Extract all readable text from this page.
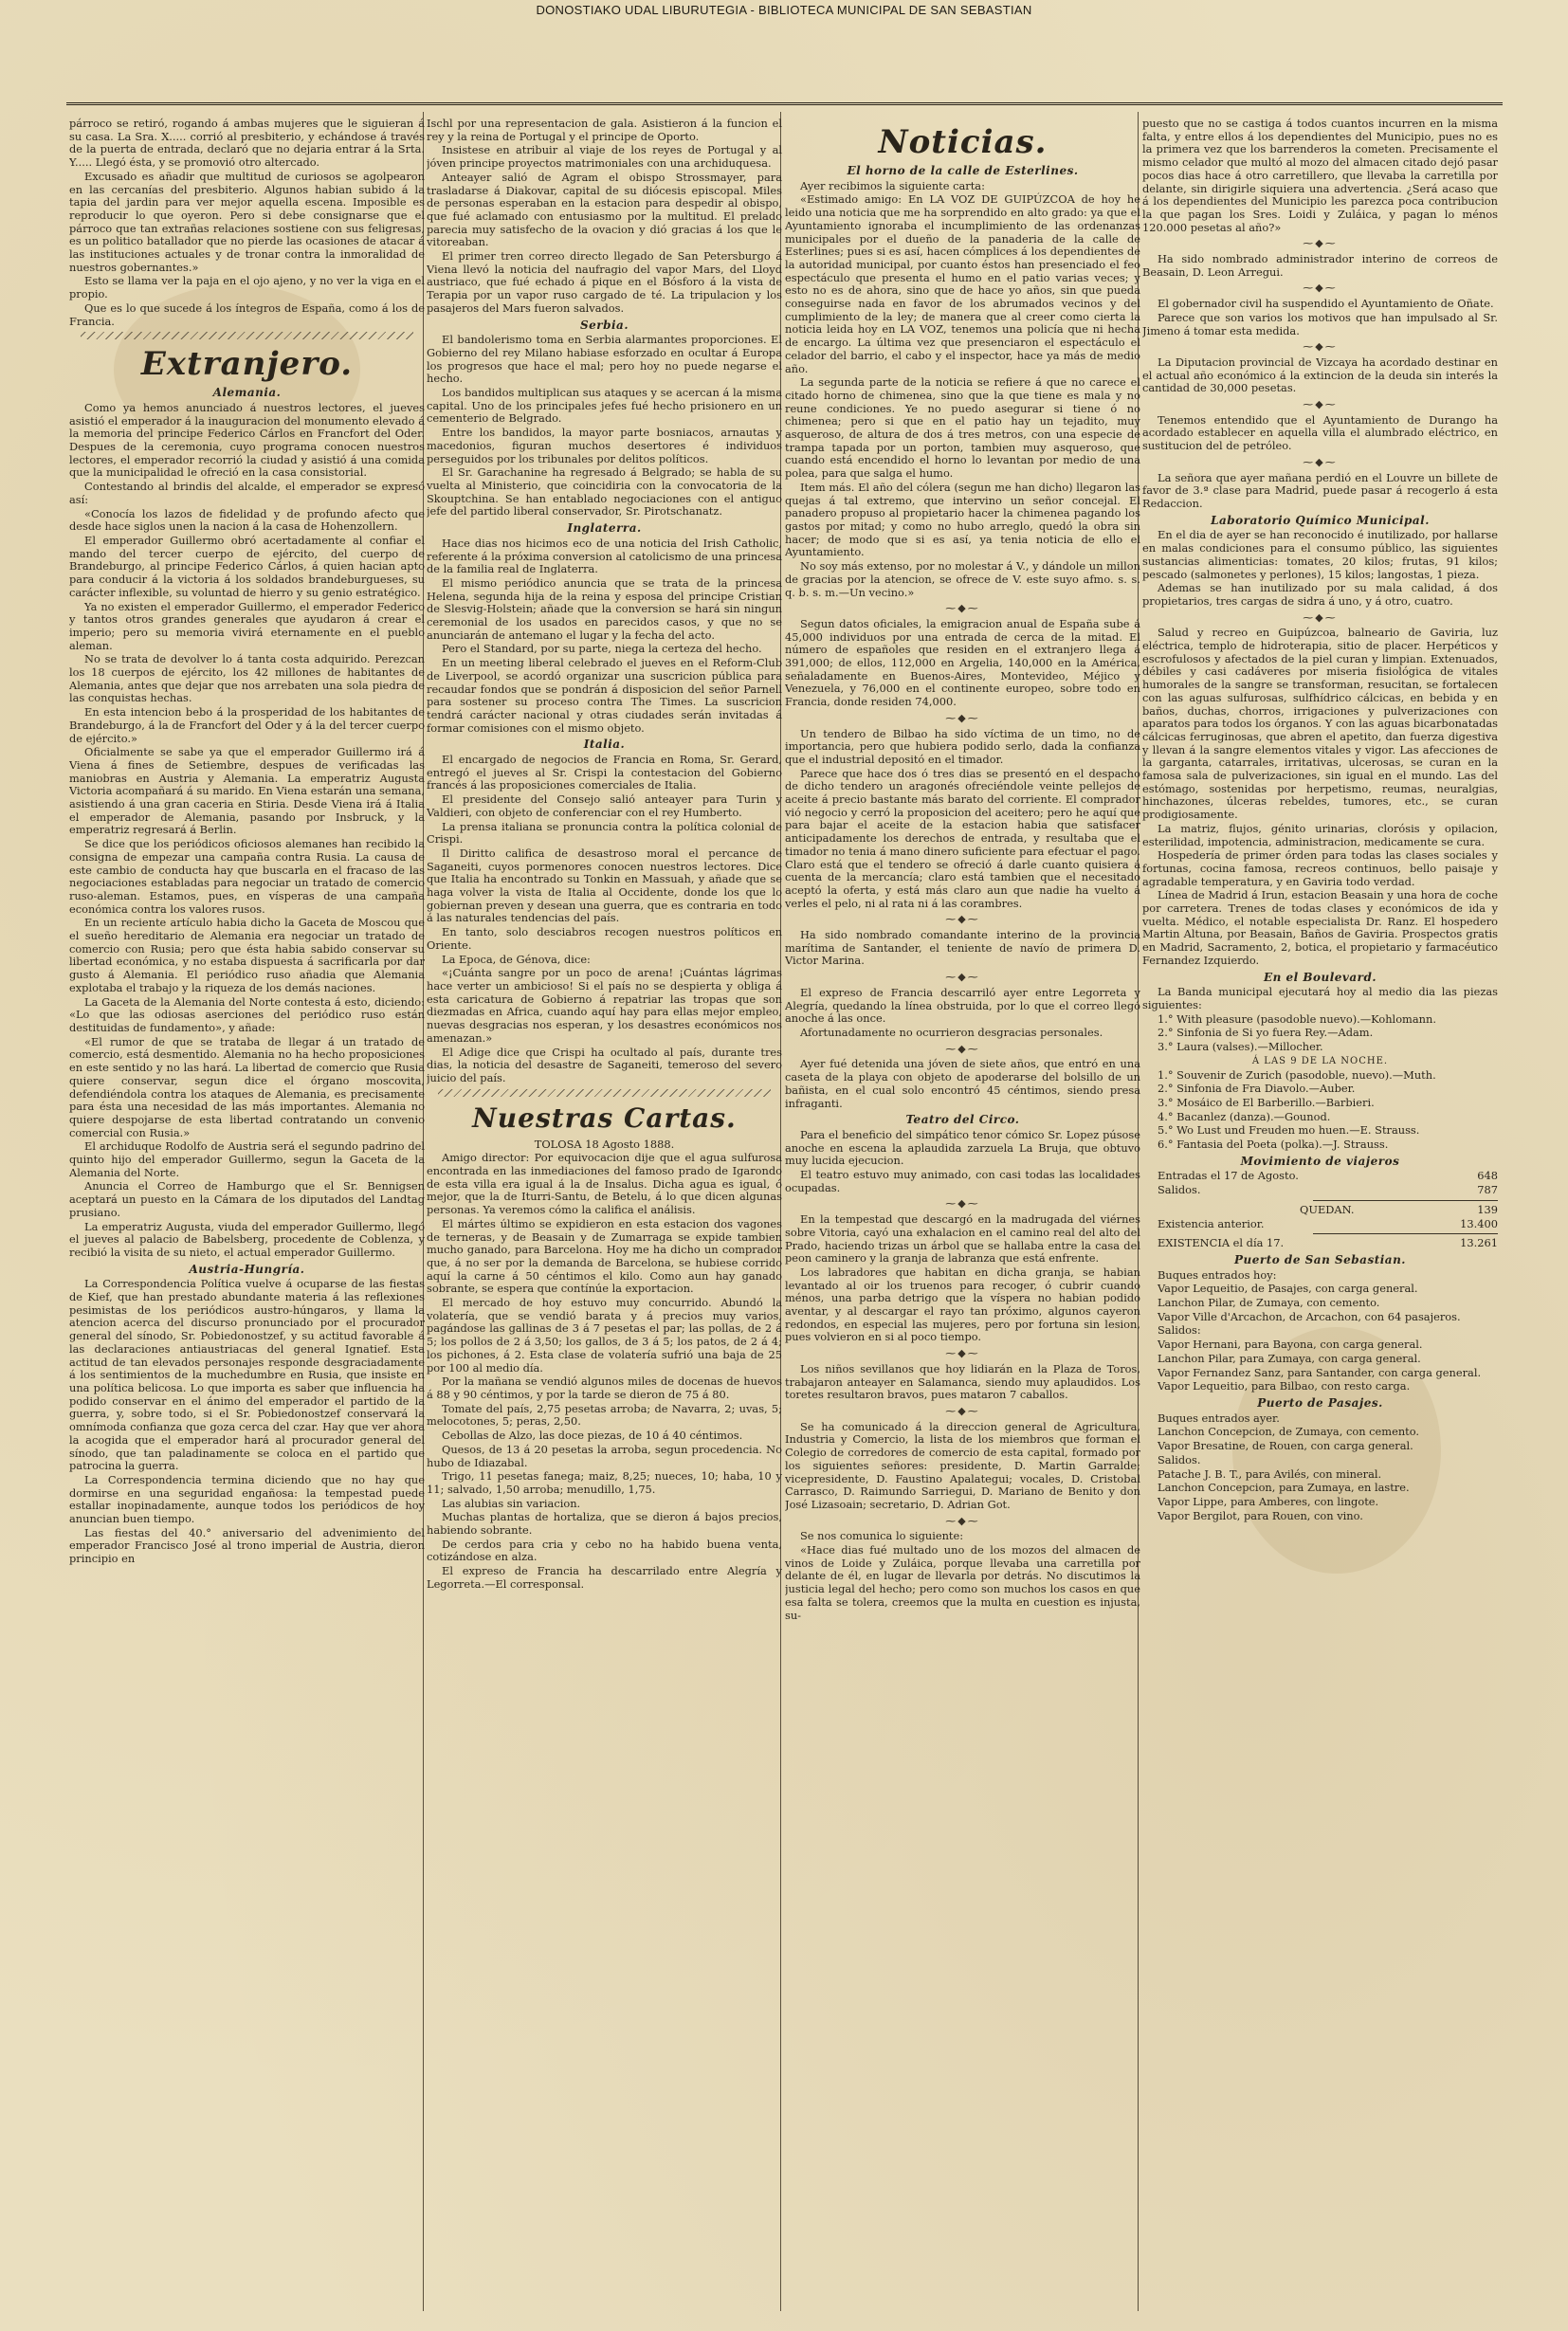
DONOSTIAKO UDAL LIBURUTEGIA - BIBLIOTECA MUNICIPAL DE SAN SEBASTIAN

párroco se retiró, rogando á ambas mujeres que le siguieran á su casa. La Sra. X..... corrió al presbiterio, y echándose á través de la puerta de entrada, declaró que no dejaria entrar á la Srta. Y..... Llegó ésta, y se promovió otro altercado.

Excusado es añadir que multitud de curiosos se agolpearon en las cercanías del presbiterio. Algunos habian subido á la tapia del jardin para ver mejor aquella escena. Imposible es reproducir lo que oyeron. Pero si debe consignarse que el párroco que tan extrañas relaciones sostiene con sus feligresas, es un politico batallador que no pierde las ocasiones de atacar á las instituciones actuales y de tronar contra la inmoralidad de nuestros gobernantes.»

Esto se llama ver la paja en el ojo ajeno, y no ver la viga en el propio.

Que es lo que sucede á los íntegros de España, como á los de Francia.

Extranjero.
Alemania.

Como ya hemos anunciado á nuestros lectores, el jueves asistió el emperador á la inauguracion del monumento elevado á la memoria del principe Federico Cárlos en Francfort del Oder. Despues de la ceremonia, cuyo programa conocen nuestros lectores, el emperador recorrió la ciudad y asistió á una comida que la municipalidad le ofreció en la casa consistorial.

Contestando al brindis del alcalde, el emperador se expresó así:

«Conocía los lazos de fidelidad y de profundo afecto que desde hace siglos unen la nacion á la casa de Hohenzollern.

El emperador Guillermo obró acertadamente al confiar el mando del tercer cuerpo de ejército, del cuerpo de Brandeburgo, al principe Federico Cárlos, á quien hacian apto para conducir á la victoria á los soldados brandeburgueses, su carácter inflexible, su voluntad de hierro y su genio estratégico.

Ya no existen el emperador Guillermo, el emperador Federico y tantos otros grandes generales que ayudaron á crear el imperio; pero su memoria vivirá eternamente en el pueblo aleman.

No se trata de devolver lo á tanta costa adquirido. Perezcan los 18 cuerpos de ejército, los 42 millones de habitantes de Alemania, antes que dejar que nos arrebaten una sola piedra de las conquistas hechas.

En esta intencion bebo á la prosperidad de los habitantes de Brandeburgo, á la de Francfort del Oder y á la del tercer cuerpo de ejército.»

Oficialmente se sabe ya que el emperador Guillermo irá á Viena á fines de Setiembre, despues de verificadas las maniobras en Austria y Alemania. La emperatriz Augusta Victoria acompañará á su marido. En Viena estarán una semana, asistiendo á una gran caceria en Stiria. Desde Viena irá á Italia el emperador de Alemania, pasando por Insbruck, y la emperatriz regresará á Berlin.

Se dice que los periódicos oficiosos alemanes han recibido la consigna de empezar una campaña contra Rusia. La causa de este cambio de conducta hay que buscarla en el fracaso de las negociaciones establadas para negociar un tratado de comercio ruso-aleman. Estamos, pues, en vísperas de una campaña económica contra los valores rusos.

En un reciente artículo habia dicho la Gaceta de Moscou que el sueño hereditario de Alemania era negociar un tratado de comercio con Rusia; pero que ésta habia sabido conservar su libertad económica, y no estaba dispuesta á sacrificarla por dar gusto á Alemania. El periódico ruso añadia que Alemania explotaba el trabajo y la riqueza de los demás naciones.

La Gaceta de la Alemania del Norte contesta á esto, diciendo: «Lo que las odiosas aserciones del periódico ruso están destituidas de fundamento», y añade:

«El rumor de que se trataba de llegar á un tratado de comercio, está desmentido. Alemania no ha hecho proposiciones en este sentido y no las hará. La libertad de comercio que Rusia quiere conservar, segun dice el órgano moscovita, defendiéndola contra los ataques de Alemania, es precisamente para ésta una necesidad de las más importantes. Alemania no quiere despojarse de esta libertad contratando un convenio comercial con Rusia.»

El archiduque Rodolfo de Austria será el segundo padrino del quinto hijo del emperador Guillermo, segun la Gaceta de la Alemania del Norte.

Anuncia el Correo de Hamburgo que el Sr. Bennigsen aceptará un puesto en la Cámara de los diputados del Landtag prusiano.

La emperatriz Augusta, viuda del emperador Guillermo, llegó el jueves al palacio de Babelsberg, procedente de Coblenza, y recibió la visita de su nieto, el actual emperador Guillermo.

Austria-Hungría.

La Correspondencia Política vuelve á ocuparse de las fiestas de Kief, que han prestado abundante materia á las reflexiones pesimistas de los periódicos austro-húngaros, y llama la atencion acerca del discurso pronunciado por el procurador general del sínodo, Sr. Pobiedonostzef, y su actitud favorable á las declaraciones antiaustriacas del general Ignatief. Esta actitud de tan elevados personajes responde desgraciadamente á los sentimientos de la muchedumbre en Rusia, que insiste en una política belicosa. Lo que importa es saber que influencia ha podido conservar en el ánimo del emperador el partido de la guerra, y, sobre todo, si el Sr. Pobiedonostzef conservará la omnímoda confianza que goza cerca del czar. Hay que ver ahora la acogida que el emperador hará al procurador general del sínodo, que tan paladinamente se coloca en el partido que patrocina la guerra.

La Correspondencia termina diciendo que no hay que dormirse en una seguridad engañosa: la tempestad puede estallar inopinadamente, aunque todos los periódicos de hoy anuncian buen tiempo.

Las fiestas del 40.° aniversario del advenimiento del emperador Francisco José al trono imperial de Austria, dieron principio en

Ischl por una representacion de gala. Asistieron á la funcion el rey y la reina de Portugal y el principe de Oporto.

Insistese en atribuir al viaje de los reyes de Portugal y al jóven principe proyectos matrimoniales con una archiduquesa.

Anteayer salió de Agram el obispo Strossmayer, para trasladarse á Diakovar, capital de su diócesis episcopal. Miles de personas esperaban en la estacion para despedir al obispo, que fué aclamado con entusiasmo por la multitud. El prelado parecia muy satisfecho de la ovacion y dió gracias á los que le vitoreaban.

El primer tren correo directo llegado de San Petersburgo á Viena llevó la noticia del naufragio del vapor Mars, del Lloyd austriaco, que fué echado á pique en el Bósforo á la vista de Terapia por un vapor ruso cargado de té. La tripulacion y los pasajeros del Mars fueron salvados.

Serbia.

El bandolerismo toma en Serbia alarmantes proporciones. El Gobierno del rey Milano habiase esforzado en ocultar á Europa los progresos que hace el mal; pero hoy no puede negarse el hecho.

Los bandidos multiplican sus ataques y se acercan á la misma capital. Uno de los principales jefes fué hecho prisionero en un cementerio de Belgrado.

Entre los bandidos, la mayor parte bosniacos, arnautas y macedonios, figuran muchos desertores é individuos perseguidos por los tribunales por delitos políticos.

El Sr. Garachanine ha regresado á Belgrado; se habla de su vuelta al Ministerio, que coincidiria con la convocatoria de la Skouptchina. Se han entablado negociaciones con el antiguo jefe del partido liberal conservador, Sr. Pirotschanatz.

Inglaterra.

Hace dias nos hicimos eco de una noticia del Irish Catholic, referente á la próxima conversion al catolicismo de una princesa de la familia real de Inglaterra.

El mismo periódico anuncia que se trata de la princesa Helena, segunda hija de la reina y esposa del principe Cristian de Slesvig-Holstein; añade que la conversion se hará sin ningun ceremonial de los usados en parecidos casos, y que no se anunciarán de antemano el lugar y la fecha del acto.

Pero el Standard, por su parte, niega la certeza del hecho.

En un meeting liberal celebrado el jueves en el Reform-Club de Liverpool, se acordó organizar una suscricion pública para recaudar fondos que se pondrán á disposicion del señor Parnell para sostener su proceso contra The Times. La suscricion tendrá carácter nacional y otras ciudades serán invitadas á formar comisiones con el mismo objeto.

Italia.

El encargado de negocios de Francia en Roma, Sr. Gerard, entregó el jueves al Sr. Crispi la contestacion del Gobierno francés á las proposiciones comerciales de Italia.

El presidente del Consejo salió anteayer para Turin y Valdieri, con objeto de conferenciar con el rey Humberto.

La prensa italiana se pronuncia contra la política colonial de Crispi.

Il Diritto califica de desastroso moral el percance de Saganeiti, cuyos pormenores conocen nuestros lectores. Dice que Italia ha encontrado su Tonkin en Massuah, y añade que se haga volver la vista de Italia al Occidente, donde los que lo gobiernan preven y desean una guerra, que es contraria en todo á las naturales tendencias del país.

En tanto, solo desciabros recogen nuestros políticos en Oriente.

La Epoca, de Génova, dice:

«¡Cuánta sangre por un poco de arena! ¡Cuántas lágrimas hace verter un ambicioso! Si el país no se despierta y obliga á esta caricatura de Gobierno á repatriar las tropas que son diezmadas en Africa, cuando aquí hay para ellas mejor empleo, nuevas desgracias nos esperan, y los desastres económicos nos amenazan.»

El Adige dice que Crispi ha ocultado al país, durante tres dias, la noticia del desastre de Saganeiti, temeroso del severo juicio del país.

Nuestras Cartas.

TOLOSA 18 Agosto 1888.

Amigo director: Por equivocacion dije que el agua sulfurosa encontrada en las inmediaciones del famoso prado de Igarondo de esta villa era igual á la de Insalus. Dicha agua es igual, ó mejor, que la de Iturri-Santu, de Betelu, á lo que dicen algunas personas. Ya veremos cómo la califica el análisis.

El mártes último se expidieron en esta estacion dos vagones de terneras, y de Beasain y de Zumarraga se expide tambien mucho ganado, para Barcelona. Hoy me ha dicho un comprador que, á no ser por la demanda de Barcelona, se hubiese corrido aquí la carne á 50 céntimos el kilo. Como aun hay ganado sobrante, se espera que contínúe la exportacion.

El mercado de hoy estuvo muy concurrido. Abundó la volatería, que se vendió barata y á precios muy varios, pagándose las gallinas de 3 á 7 pesetas el par; las pollas, de 2 á 5; los pollos de 2 á 3,50; los gallos, de 3 á 5; los patos, de 2 á 4; los pichones, á 2. Esta clase de volatería sufrió una baja de 25 por 100 al medio día.

Por la mañana se vendió algunos miles de docenas de huevos á 88 y 90 céntimos, y por la tarde se dieron de 75 á 80.

Tomate del país, 2,75 pesetas arroba; de Navarra, 2; uvas, 5; melocotones, 5; peras, 2,50.

Cebollas de Alzo, las doce piezas, de 10 á 40 céntimos.

Quesos, de 13 á 20 pesetas la arroba, segun procedencia. No hubo de Idiazabal.

Trigo, 11 pesetas fanega; maiz, 8,25; nueces, 10; haba, 10 y 11; salvado, 1,50 arroba; menudillo, 1,75.

Las alubias sin variacion.

Muchas plantas de hortaliza, que se dieron á bajos precios, habiendo sobrante.

De cerdos para cria y cebo no ha habido buena venta, cotizándose en alza.

El expreso de Francia ha descarrilado entre Alegría y Legorreta.—El corresponsal.

Noticias.
El horno de la calle de Esterlines.

Ayer recibimos la siguiente carta:

«Estimado amigo: En LA VOZ DE GUIPÚZCOA de hoy he leido una noticia que me ha sorprendido en alto grado: ya que el Ayuntamiento ignoraba el incumplimiento de las ordenanzas municipales por el dueño de la panaderia de la calle de Esterlines; pues si es así, hacen cómplices á los dependientes de la autoridad municipal, por cuanto éstos han presenciado el feo espectáculo que presenta el humo en el patio varias veces; y esto no es de ahora, sino que de hace yo años, sin que pueda conseguirse nada en favor de los abrumados vecinos y del cumplimiento de la ley; de manera que al creer como cierta la noticia leida hoy en LA VOZ, tenemos una policía que ni hecha de encargo. La última vez que presenciaron el espectáculo el celador del barrio, el cabo y el inspector, hace ya más de medio año.

La segunda parte de la noticia se refiere á que no carece el citado horno de chimenea, sino que la que tiene es mala y no reune condiciones. Ye no puedo asegurar si tiene ó no chimenea; pero si que en el patio hay un tejadito, muy asqueroso, de altura de dos á tres metros, con una especie de trampa tapada por un porton, tambien muy asqueroso, que cuando está encendido el horno lo levantan por medio de una polea, para que salga el humo.

Item más. El año del cólera (segun me han dicho) llegaron las quejas á tal extremo, que intervino un señor concejal. El panadero propuso al propietario hacer la chimenea pagando los gastos por mitad; y como no hubo arreglo, quedó la obra sin hacer; de modo que si es así, ya tenia noticia de ello el Ayuntamiento.

No soy más extenso, por no molestar á V., y dándole un millon de gracias por la atencion, se ofrece de V. este suyo afmo. s. s. q. b. s. m.—Un vecino.»

⁓◆⁓

Segun datos oficiales, la emigracion anual de España sube á 45,000 individuos por una entrada de cerca de la mitad. El número de españoles que residen en el extranjero llega á 391,000; de ellos, 112,000 en Argelia, 140,000 en la América, señaladamente en Buenos-Aires, Montevideo, Méjico y Venezuela, y 76,000 en el continente europeo, sobre todo en Francia, donde residen 74,000.

⁓◆⁓

Un tendero de Bilbao ha sido víctima de un timo, no de importancia, pero que hubiera podido serlo, dada la confianza que el industrial depositó en el timador.

Parece que hace dos ó tres dias se presentó en el despacho de dicho tendero un aragonés ofreciéndole veinte pellejos de aceite á precio bastante más barato del corriente. El comprador vió negocio y cerró la proposicion del aceitero; pero he aquí que para bajar el aceite de la estacion habia que satisfacer anticipadamente los derechos de entrada, y resultaba que el timador no tenia á mano dinero suficiente para efectuar el pago. Claro está que el tendero se ofreció á darle cuanto quisiera á cuenta de la mercancía; claro está tambien que el necesitado aceptó la oferta, y está más claro aun que nadie ha vuelto á verles el pelo, ni al rata ni á las corambres.

⁓◆⁓

Ha sido nombrado comandante interino de la provincia marítima de Santander, el teniente de navío de primera D. Victor Marina.

⁓◆⁓

El expreso de Francia descarriló ayer entre Legorreta y Alegría, quedando la línea obstruida, por lo que el correo llegó anoche á las once.

Afortunadamente no ocurrieron desgracias personales.

⁓◆⁓

Ayer fué detenida una jóven de siete años, que entró en una caseta de la playa con objeto de apoderarse del bolsillo de un bañista, en el cual solo encontró 45 céntimos, siendo presa infraganti.

Teatro del Circo.

Para el beneficio del simpático tenor cómico Sr. Lopez púsose anoche en escena la aplaudida zarzuela La Bruja, que obtuvo muy lucida ejecucion.

El teatro estuvo muy animado, con casi todas las localidades ocupadas.

⁓◆⁓

En la tempestad que descargó en la madrugada del viérnes sobre Vitoria, cayó una exhalacion en el camino real del alto del Prado, haciendo trizas un árbol que se hallaba entre la casa del peon caminero y la granja de labranza que está enfrente.

Los labradores que habitan en dicha granja, se habian levantado al oir los truenos para recoger, ó cubrir cuando ménos, una parba detrigo que la víspera no habian podido aventar, y al descargar el rayo tan próximo, algunos cayeron redondos, en especial las mujeres, pero por fortuna sin lesion, pues volvieron en si al poco tiempo.

⁓◆⁓

Los niños sevillanos que hoy lidiarán en la Plaza de Toros, trabajaron anteayer en Salamanca, siendo muy aplaudidos. Los toretes resultaron bravos, pues mataron 7 caballos.

⁓◆⁓

Se ha comunicado á la direccion general de Agricultura, Industria y Comercio, la lista de los miembros que forman el Colegio de corredores de comercio de esta capital, formado por los siguientes señores: presidente, D. Martin Garralde; vicepresidente, D. Faustino Apalategui; vocales, D. Cristobal Carrasco, D. Raimundo Sarriegui, D. Mariano de Benito y don José Lizasoain; secretario, D. Adrian Got.

⁓◆⁓

Se nos comunica lo siguiente:

«Hace dias fué multado uno de los mozos del almacen de vinos de Loide y Zuláica, porque llevaba una carretilla por delante de él, en lugar de llevarla por detrás. No discutimos la justicia legal del hecho; pero como son muchos los casos en que esa falta se tolera, creemos que la multa en cuestion es injusta, su-

puesto que no se castiga á todos cuantos incurren en la misma falta, y entre ellos á los dependientes del Municipio, pues no es la primera vez que los barrenderos la cometen. Precisamente el mismo celador que multó al mozo del almacen citado dejó pasar pocos dias hace á otro carretillero, que llevaba la carretilla por delante, sin dirigirle siquiera una advertencia. ¿Será acaso que á los dependientes del Municipio les parezca poca contribucion la que pagan los Sres. Loidi y Zuláica, y pagan lo ménos 120.000 pesetas al año?»

⁓◆⁓

Ha sido nombrado administrador interino de correos de Beasain, D. Leon Arregui.

⁓◆⁓

El gobernador civil ha suspendido el Ayuntamiento de Oñate.

Parece que son varios los motivos que han impulsado al Sr. Jimeno á tomar esta medida.

⁓◆⁓

La Diputacion provincial de Vizcaya ha acordado destinar en el actual año económico á la extincion de la deuda sin interés la cantidad de 30,000 pesetas.

⁓◆⁓

Tenemos entendido que el Ayuntamiento de Durango ha acordado establecer en aquella villa el alumbrado eléctrico, en sustitucion del de petróleo.

⁓◆⁓

La señora que ayer mañana perdió en el Louvre un billete de favor de 3.ª clase para Madrid, puede pasar á recogerlo á esta Redaccion.

Laboratorio Químico Municipal.

En el dia de ayer se han reconocido é inutilizado, por hallarse en malas condiciones para el consumo público, las siguientes sustancias alimenticias: tomates, 20 kilos; frutas, 91 kilos; pescado (salmonetes y perlones), 15 kilos; langostas, 1 pieza.

Ademas se han inutilizado por su mala calidad, á dos propietarios, tres cargas de sidra á uno, y á otro, cuatro.

⁓◆⁓

Salud y recreo en Guipúzcoa, balneario de Gaviria, luz eléctrica, templo de hidroterapia, sitio de placer. Herpéticos y escrofulosos y afectados de la piel curan y limpian. Extenuados, débiles y casi cadáveres por miseria fisiológica de vitales humorales de la sangre se transforman, resucitan, se fortalecen con las aguas sulfurosas, sulfhídrico cálcicas, en bebida y en baños, duchas, chorros, irrigaciones y pulverizaciones con aparatos para todos los órganos. Y con las aguas bicarbonatadas cálcicas ferruginosas, que abren el apetito, dan fuerza digestiva y llevan á la sangre elementos vitales y vigor. Las afecciones de la garganta, catarrales, irritativas, ulcerosas, se curan en la famosa sala de pulverizaciones, sin igual en el mundo. Las del estómago, sostenidas por herpetismo, reumas, neuralgias, hinchazones, úlceras rebeldes, tumores, etc., se curan prodigiosamente.

La matriz, flujos, génito urinarias, clorósis y opilacion, esterilidad, impotencia, administracion, medicamente se cura.

Hospedería de primer órden para todas las clases sociales y fortunas, cocina famosa, recreos continuos, bello paisaje y agradable temperatura, y en Gaviria todo verdad.

Línea de Madrid á Irun, estacion Beasain y una hora de coche por carretera. Trenes de todas clases y económicos de ida y vuelta. Médico, el notable especialista Dr. Ranz. El hospedero Martin Altuna, por Beasain, Baños de Gaviria. Prospectos gratis en Madrid, Sacramento, 2, botica, el propietario y farmacéutico Fernandez Izquierdo.

En el Boulevard.

La Banda municipal ejecutará hoy al medio dia las piezas siguientes:

1.° With pleasure (pasodoble nuevo).—Kohlomann.

2.° Sinfonia de Si yo fuera Rey.—Adam.

3.° Laura (valses).—Millocher.

Á LAS 9 DE LA NOCHE.

1.° Souvenir de Zurich (pasodoble, nuevo).—Muth.

2.° Sinfonia de Fra Diavolo.—Auber.

3.° Mosáico de El Barberillo.—Barbieri.

4.° Bacanlez (danza).—Gounod.

5.° Wo Lust und Freuden mo huen.—E. Strauss.

6.° Fantasia del Poeta (polka).—J. Strauss.

Movimiento de viajeros

Entradas el 17 de Agosto.	648

Salidos.	787

QUEDAN.	139

Existencia anterior.	13.400

EXISTENCIA el día 17.	13.261

Puerto de San Sebastian.

Buques entrados hoy:

Vapor Lequeitio, de Pasajes, con carga general.

Lanchon Pilar, de Zumaya, con cemento.

Vapor Ville d'Arcachon, de Arcachon, con 64 pasajeros.

Salidos:

Vapor Hernani, para Bayona, con carga general.

Lanchon Pilar, para Zumaya, con carga general.

Vapor Fernandez Sanz, para Santander, con carga general.

Vapor Lequeitio, para Bilbao, con resto carga.

Puerto de Pasajes.

Buques entrados ayer.

Lanchon Concepcion, de Zumaya, con cemento.

Vapor Bresatine, de Rouen, con carga general.

Salidos.

Patache J. B. T., para Avilés, con mineral.

Lanchon Concepcion, para Zumaya, en lastre.

Vapor Lippe, para Amberes, con lingote.

Vapor Bergilot, para Rouen, con vino.
